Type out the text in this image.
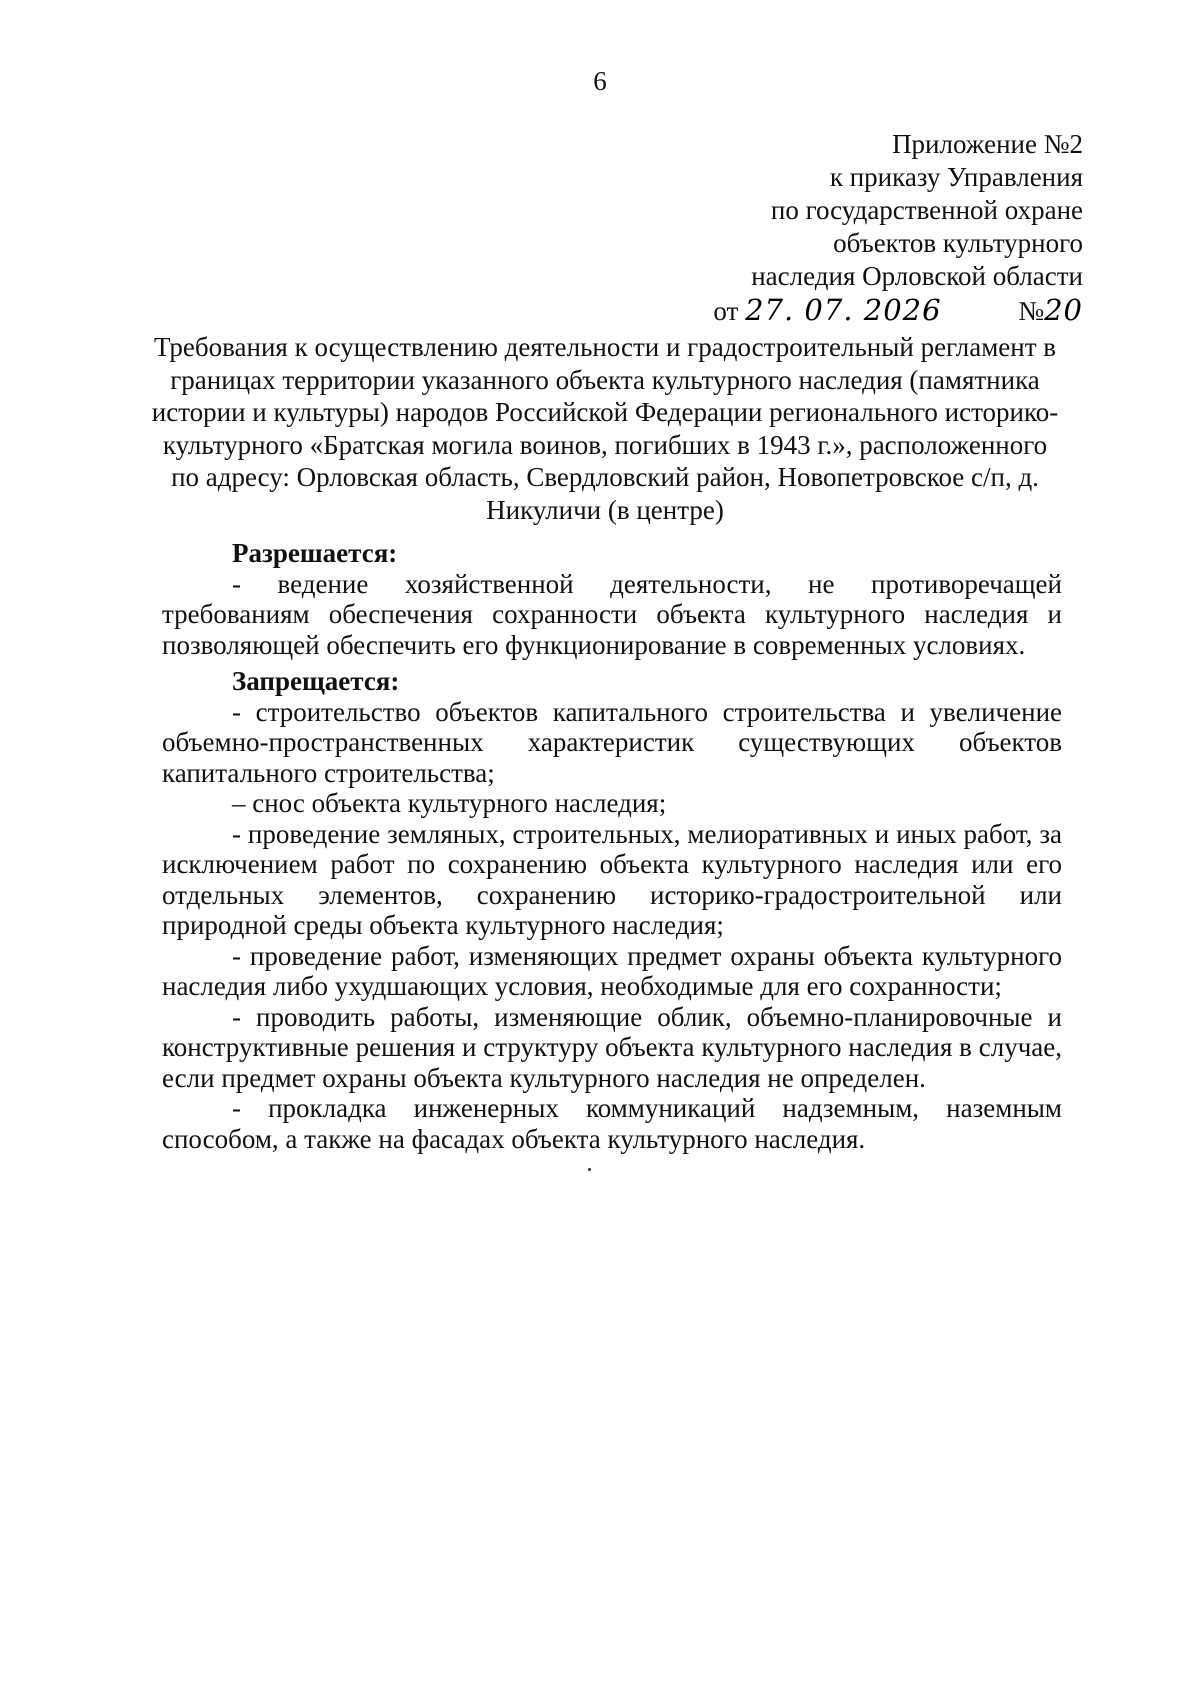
6
Приложение №2
к приказу Управления
по государственной охране
объектов культурного
наследия Орловской области
от 27. 07. 2026	№20
Требования к осуществлению деятельности и градостроительный регламент в границах территории указанного объекта культурного наследия (памятника истории и культуры) народов Российской Федерации регионального историко-культурного «Братская могила воинов, погибших в 1943 г.», расположенного по адресу: Орловская область, Свердловский район, Новопетровское с/п, д. Никуличи (в центре)
Разрешается:

- ведение хозяйственной деятельности, не противоречащей требованиям обеспечения сохранности объекта культурного наследия и позволяющей обеспечить его функционирование в современных условиях.

Запрещается:

- строительство объектов капитального строительства и увеличение объемно-пространственных характеристик существующих объектов капитального строительства;

– снос объекта культурного наследия;

- проведение земляных, строительных, мелиоративных и иных работ, за исключением работ по сохранению объекта культурного наследия или его отдельных элементов, сохранению историко-градостроительной или природной среды объекта культурного наследия;

- проведение работ, изменяющих предмет охраны объекта культурного наследия либо ухудшающих условия, необходимые для его сохранности;

- проводить работы, изменяющие облик, объемно-планировочные и конструктивные решения и структуру объекта культурного наследия в случае, если предмет охраны объекта культурного наследия не определен.

- прокладка инженерных коммуникаций надземным, наземным способом, а также на фасадах объекта культурного наследия.
